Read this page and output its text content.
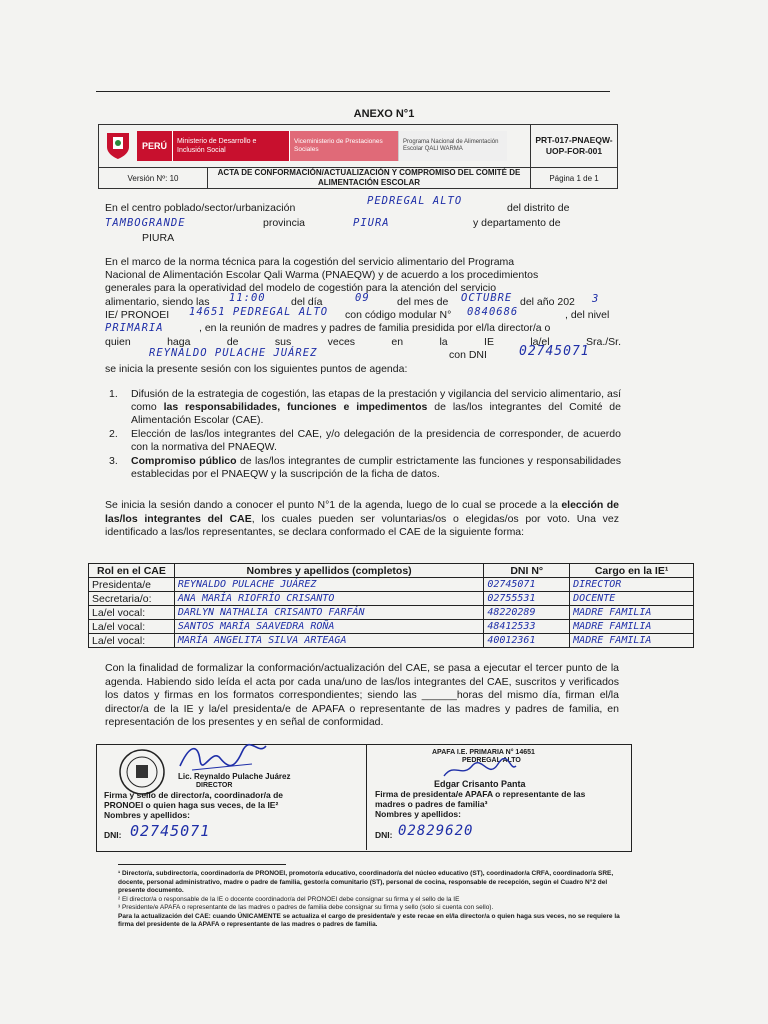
ANEXO N°1
PERÚ Ministerio de Desarrollo e Inclusión Social
Viceministerio de Prestaciones Sociales
Programa Nacional de Alimentación Escolar QALI WARMA		PRT-017-PNAEQW-UOP-FOR-001
Versión Nº: 10	ACTA DE CONFORMACIÓN/ACTUALIZACIÓN Y COMPROMISO DEL COMITÉ DE ALIMENTACIÓN ESCOLAR	Página 1 de 1
En el centro poblado/sector/urbanización
PEDREGAL ALTO
del distrito de
TAMBOGRANDE	provincia	PIURA	y departamento de
PIURA
En el marco de la norma técnica para la cogestión del servicio alimentario del Programa
Nacional de Alimentación Escolar Qali Warma (PNAEQW) y de acuerdo a los procedimientos
generales para la operatividad del modelo de cogestión para la atención del servicio
alimentario, siendo las 11:00 del día	09	del mes de OCTUBRE del año 202 3
IE/ PRONOEI 14651 PEDREGAL ALTO con código modular N° 0840686	, del nivel
PRIMARIA	, en la reunión de madres y padres de familia presidida por el/la director/a o
quien haga de sus veces en la IE la/el Sra./Sr.
REYNALDO PULACHE JUÁREZ	con DNI 02745071
se inicia la presente sesión con los siguientes puntos de agenda:
1. Difusión de la estrategia de cogestión, las etapas de la prestación y vigilancia del servicio alimentario, así como las responsabilidades, funciones e impedimentos de las/los integrantes del Comité de Alimentación Escolar (CAE).
2. Elección de las/los integrantes del CAE, y/o delegación de la presidencia de corresponder, de acuerdo con la normativa del PNAEQW.
3. Compromiso público de las/los integrantes de cumplir estrictamente las funciones y responsabilidades establecidas por el PNAEQW y la suscripción de la ficha de datos.
Se inicia la sesión dando a conocer el punto N°1 de la agenda, luego de lo cual se procede a la elección de las/los integrantes del CAE, los cuales pueden ser voluntarias/os o elegidas/os por voto. Una vez identificado a las/los representantes, se declara conformado el CAE de la siguiente forma:
Rol en el CAE	Nombres y apellidos (completos)	DNI N°	Cargo en la IE¹
Presidenta/e	REYNALDO PULACHE JUÁREZ	02745071	DIRECTOR
Secretaria/o:	ANA MARÍA RIOFRÍO CRISANTO	02755531	DOCENTE
La/el vocal:	DARLYN NATHALIA CRISANTO FARFÁN	48220289	MADRE FAMILIA
La/el vocal:	SANTOS MARÍA SAAVEDRA ROÑA	48412533	MADRE FAMILIA
La/el vocal:	MARÍA ANGELITA SILVA ARTEAGA	40012361	MADRE FAMILIA
Con la finalidad de formalizar la conformación/actualización del CAE, se pasa a ejecutar el tercer punto de la agenda. Habiendo sido leída el acta por cada una/uno de las/los integrantes del CAE, suscritos y verificados los datos y firmas en los formatos correspondientes; siendo las ______horas del mismo día, firman el/la director/a de la IE y la/el presidenta/e de APAFA o representante de las madres y padres de familia, en representación de los presentes y en señal de conformidad.
Lic. Reynaldo Pulache Juárez
DIRECTOR
Firma y sello de director/a, coordinador/a de
PRONOEI o quien haga sus veces, de la IE²
Nombres y apellidos:
DNI: 02745071
APAFA I.E. PRIMARIA N° 14651
PEDREGAL ALTO
Edgar Crisanto Panta
Firma de presidenta/e APAFA o representante de las
madres o padres de familia³
Nombres y apellidos:
DNI: 02829620

¹ Director/a, subdirector/a, coordinador/a de PRONOEI, promotor/a educativo, coordinador/a del núcleo educativo (ST), coordinador/a CRFA, coordinador/a SRE, docente, personal administrativo, madre o padre de familia, gestor/a comunitario (ST), personal de cocina, responsable de recepción, según el Cuadro N°2 del presente documento.

² El director/a o responsable de la IE o docente coordinador/a del PRONOEI debe consignar su firma y el sello de la IE

³ Presidente/e APAFA o representante de las madres o padres de familia debe consignar su firma y sello (solo si cuenta con sello).

Para la actualización del CAE: cuando ÚNICAMENTE se actualiza el cargo de presidenta/e y este recae en el/la director/a o quien haga sus veces, no se requiere la firma del presidente de la APAFA o representante de las madres o padres de familia.
